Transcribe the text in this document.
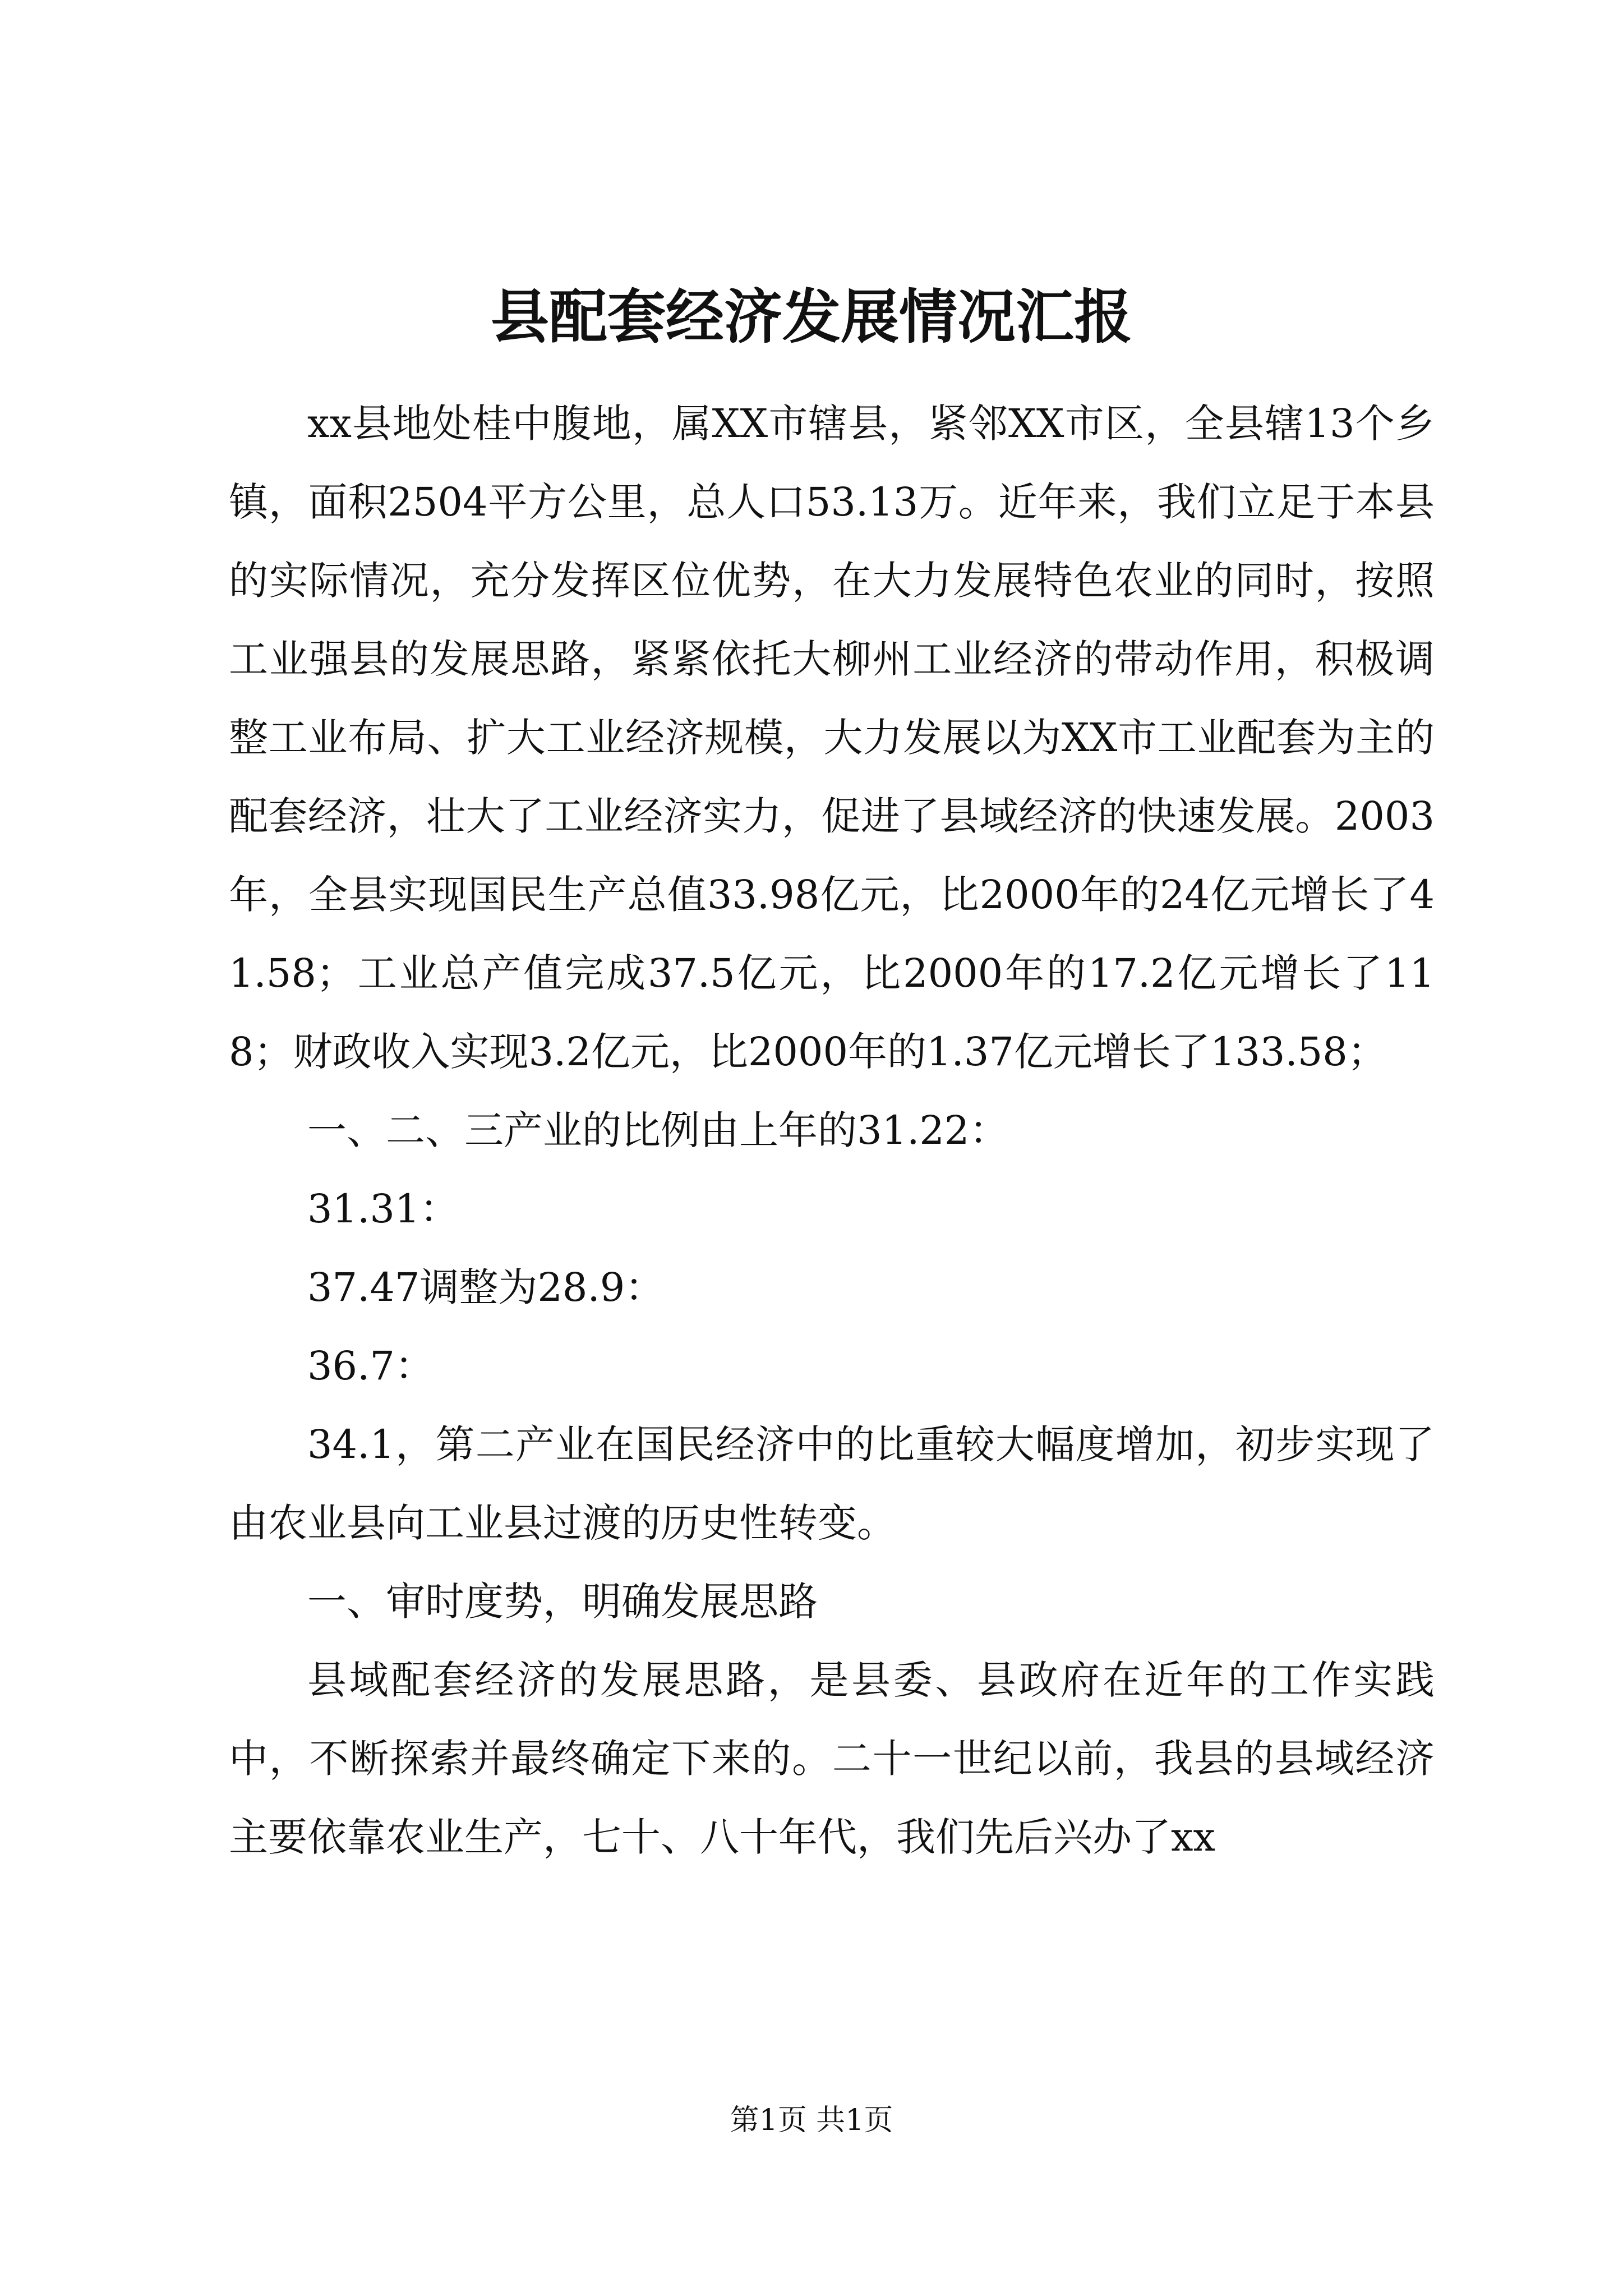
县配套经济发展情况汇报

xx县地处桂中腹地，属XX市辖县，紧邻XX市区，全县辖13个乡镇，面积2504平方公里，总人口53.13万。近年来，我们立足于本县的实际情况，充分发挥区位优势，在大力发展特色农业的同时，按照工业强县的发展思路，紧紧依托大柳州工业经济的带动作用，积极调整工业布局、扩大工业经济规模，大力发展以为XX市工业配套为主的配套经济，壮大了工业经济实力，促进了县域经济的快速发展。2003年，全县实现国民生产总值33.98亿元，比2000年的24亿元增长了41.58；工业总产值完成37.5亿元，比2000年的17.2亿元增长了118；财政收入实现3.2亿元，比2000年的1.37亿元增长了133.58；

一、二、三产业的比例由上年的31.22：

31.31：

37.47调整为28.9：

36.7：

34.1，第二产业在国民经济中的比重较大幅度增加，初步实现了由农业县向工业县过渡的历史性转变。

一、审时度势，明确发展思路

县域配套经济的发展思路，是县委、县政府在近年的工作实践中，不断探索并最终确定下来的。二十一世纪以前，我县的县域经济主要依靠农业生产，七十、八十年代，我们先后兴办了xx

第1页 共1页
